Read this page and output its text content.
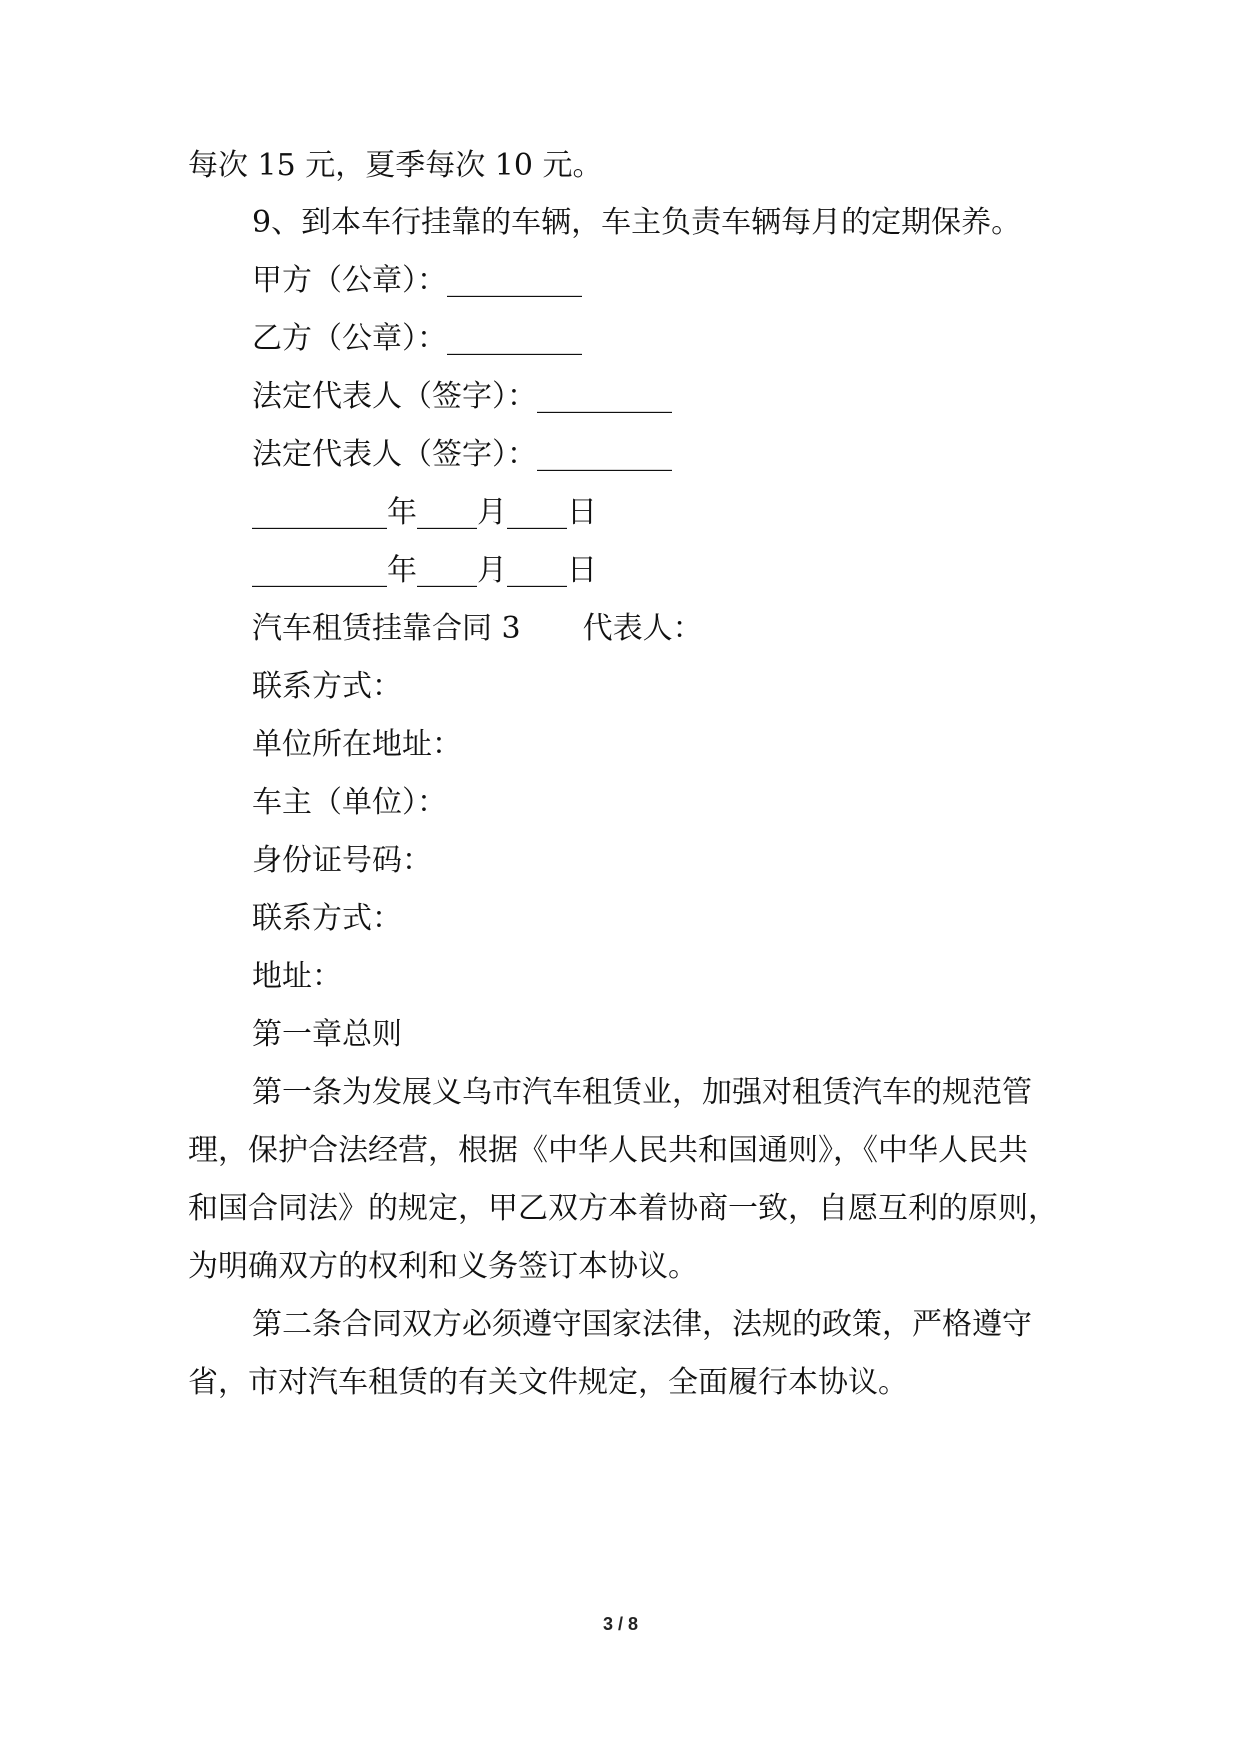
每次 15 元，夏季每次 10 元。
9、到本车行挂靠的车辆，车主负责车辆每月的定期保养。
甲方（公章）：_________
乙方（公章）：_________
法定代表人（签字）：_________
法定代表人（签字）：_________
_________年____月____日
_________年____月____日
汽车租赁挂靠合同 3 代表人：
联系方式：
单位所在地址：
车主（单位）：
身份证号码：
联系方式：
地址：
第一章总则
第一条为发展义乌市汽车租赁业，加强对租赁汽车的规范管
理，保护合法经营，根据《中华人民共和国通则》，《中华人民共
和国合同法》的规定，甲乙双方本着协商一致，自愿互利的原则，
为明确双方的权利和义务签订本协议。
第二条合同双方必须遵守国家法律，法规的政策，严格遵守
省，市对汽车租赁的有关文件规定，全面履行本协议。
3 / 8
